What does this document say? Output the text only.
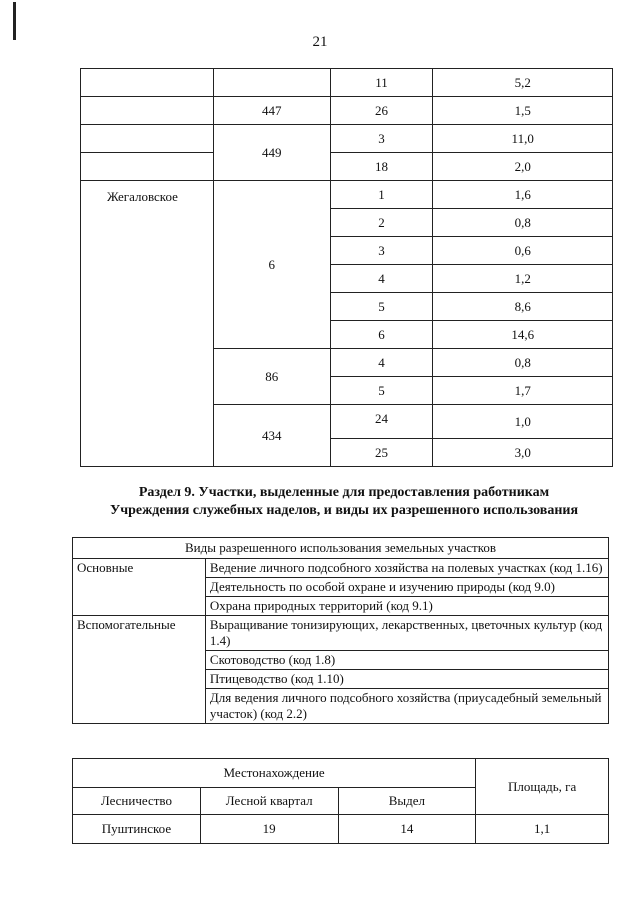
21
		11	5,2
	447	26	1,5
	449	3	11,0
		18	2,0
Жегаловское	6	1	1,6
		2	0,8
		3	0,6
		4	1,2
		5	8,6
		6	14,6
	86	4	0,8
		5	1,7
	434	24	1,0
		25	3,0
Раздел 9. Участки, выделенные для предоставления работникам
Учреждения служебных наделов, и виды их разрешенного использования
Виды разрешенного использования земельных участков	
Основные	Ведение личного подсобного хозяйства на полевых участках (код 1.16)
	Деятельность по особой охране и изучению природы (код 9.0)
	Охрана природных территорий (код 9.1)
Вспомогательные	Выращивание тонизирующих, лекарственных, цветочных культур (код 1.4)
	Скотоводство (код 1.8)
	Птицеводство (код 1.10)
	Для ведения личного подсобного хозяйства (приусадебный земельный участок) (код 2.2)
Местонахождение			Площадь, га
Лесничество	Лесной квартал	Выдел	
Пуштинское	19	14	1,1
